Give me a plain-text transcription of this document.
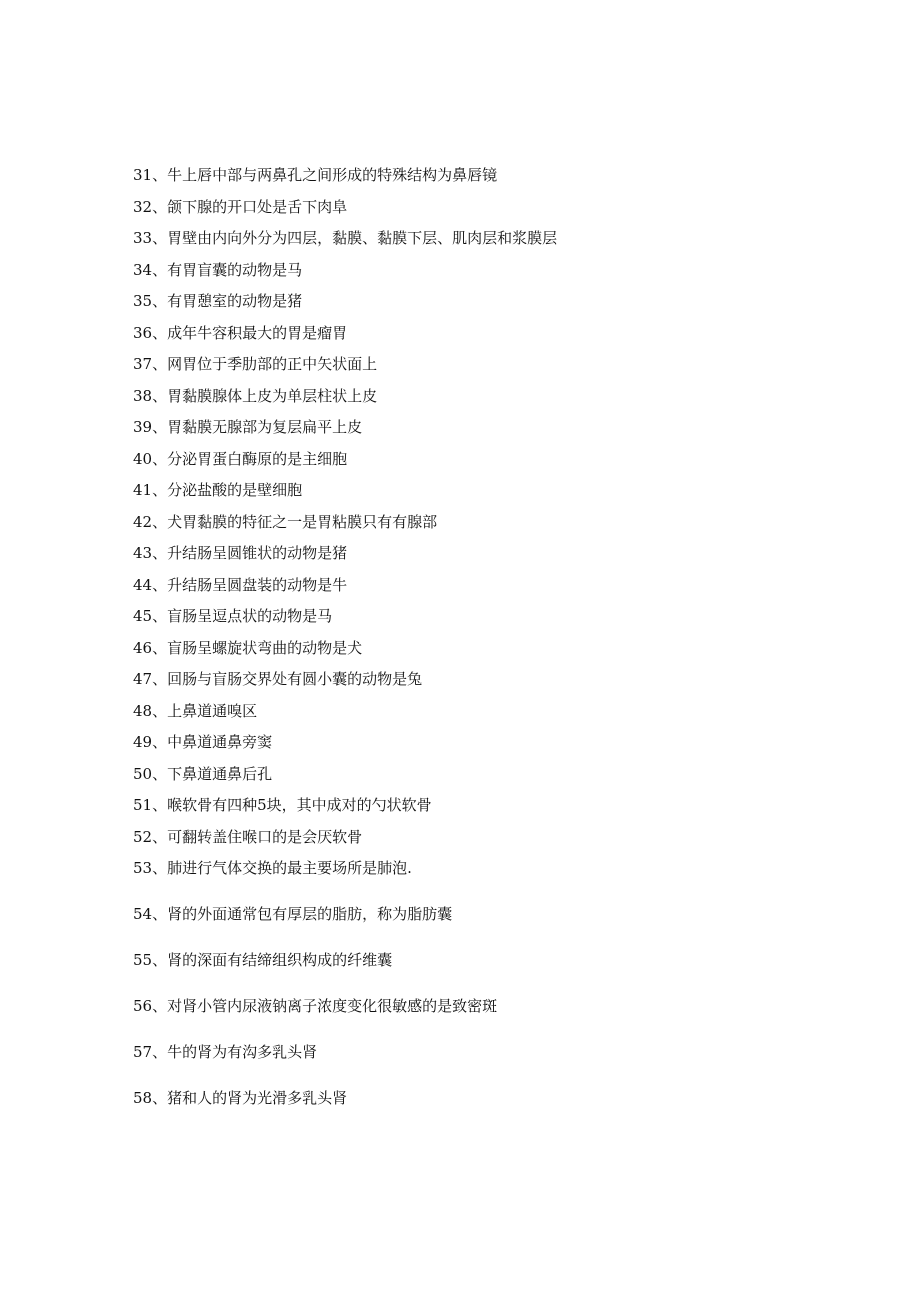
31、牛上唇中部与两鼻孔之间形成的特殊结构为鼻唇镜
32、颌下腺的开口处是舌下肉阜
33、胃壁由内向外分为四层，黏膜、黏膜下层、肌肉层和浆膜层
34、有胃盲囊的动物是马
35、有胃憩室的动物是猪
36、成年牛容积最大的胃是瘤胃
37、网胃位于季肋部的正中矢状面上
38、胃黏膜腺体上皮为单层柱状上皮
39、胃黏膜无腺部为复层扁平上皮
40、分泌胃蛋白酶原的是主细胞
41、分泌盐酸的是壁细胞
42、犬胃黏膜的特征之一是胃粘膜只有有腺部
43、升结肠呈圆锥状的动物是猪
44、升结肠呈圆盘装的动物是牛
45、盲肠呈逗点状的动物是马
46、盲肠呈螺旋状弯曲的动物是犬
47、回肠与盲肠交界处有圆小囊的动物是兔
48、上鼻道通嗅区
49、中鼻道通鼻旁窦
50、下鼻道通鼻后孔
51、喉软骨有四种5块，其中成对的勺状软骨
52、可翻转盖住喉口的是会厌软骨
53、肺进行气体交换的最主要场所是肺泡.
54、肾的外面通常包有厚层的脂肪，称为脂肪囊
55、肾的深面有结缔组织构成的纤维囊
56、对肾小管内尿液钠离子浓度变化很敏感的是致密斑
57、牛的肾为有沟多乳头肾
58、猪和人的肾为光滑多乳头肾
